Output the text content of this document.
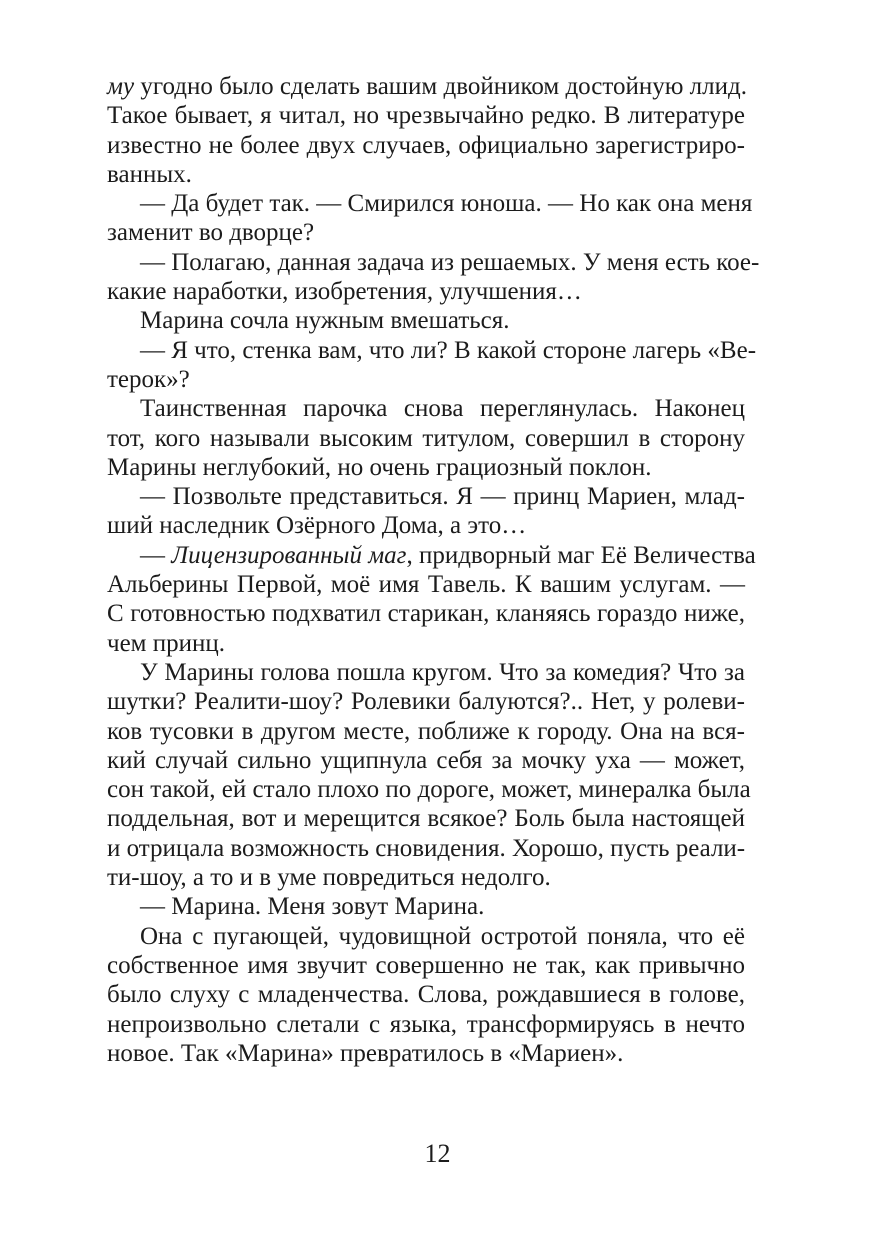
му угодно было сделать вашим двойником достойную ллид.
Такое бывает, я читал, но чрезвычайно редко. В литературе
известно не более двух случаев, официально зарегистриро-
ванных.
— Да будет так. — Смирился юноша. — Но как она меня
заменит во дворце?
— Полагаю, данная задача из решаемых. У меня есть кое-
какие наработки, изобретения, улучшения…
Марина сочла нужным вмешаться.
— Я что, стенка вам, что ли? В какой стороне лагерь «Ве-
терок»?
Таинственная парочка снова переглянулась. Наконец
тот, кого называли высоким титулом, совершил в сторону
Марины неглубокий, но очень грациозный поклон.
— Позвольте представиться. Я — принц Мариен, млад-
ший наследник Озёрного Дома, а это…
— Лицензированный маг, придворный маг Её Величества
Альберины Первой, моё имя Тавель. К вашим услугам. —
С готовностью подхватил старикан, кланяясь гораздо ниже,
чем принц.
У Марины голова пошла кругом. Что за комедия? Что за
шутки? Реалити-шоу? Ролевики балуются?.. Нет, у ролеви-
ков тусовки в другом месте, поближе к городу. Она на вся-
кий случай сильно ущипнула себя за мочку уха — может,
сон такой, ей стало плохо по дороге, может, минералка была
поддельная, вот и мерещится всякое? Боль была настоящей
и отрицала возможность сновидения. Хорошо, пусть реали-
ти-шоу, а то и в уме повредиться недолго.
— Марина. Меня зовут Марина.
Она с пугающей, чудовищной остротой поняла, что её
собственное имя звучит совершенно не так, как привычно
было слуху с младенчества. Слова, рождавшиеся в голове,
непроизвольно слетали с языка, трансформируясь в нечто
новое. Так «Марина» превратилось в «Мариен».
12
